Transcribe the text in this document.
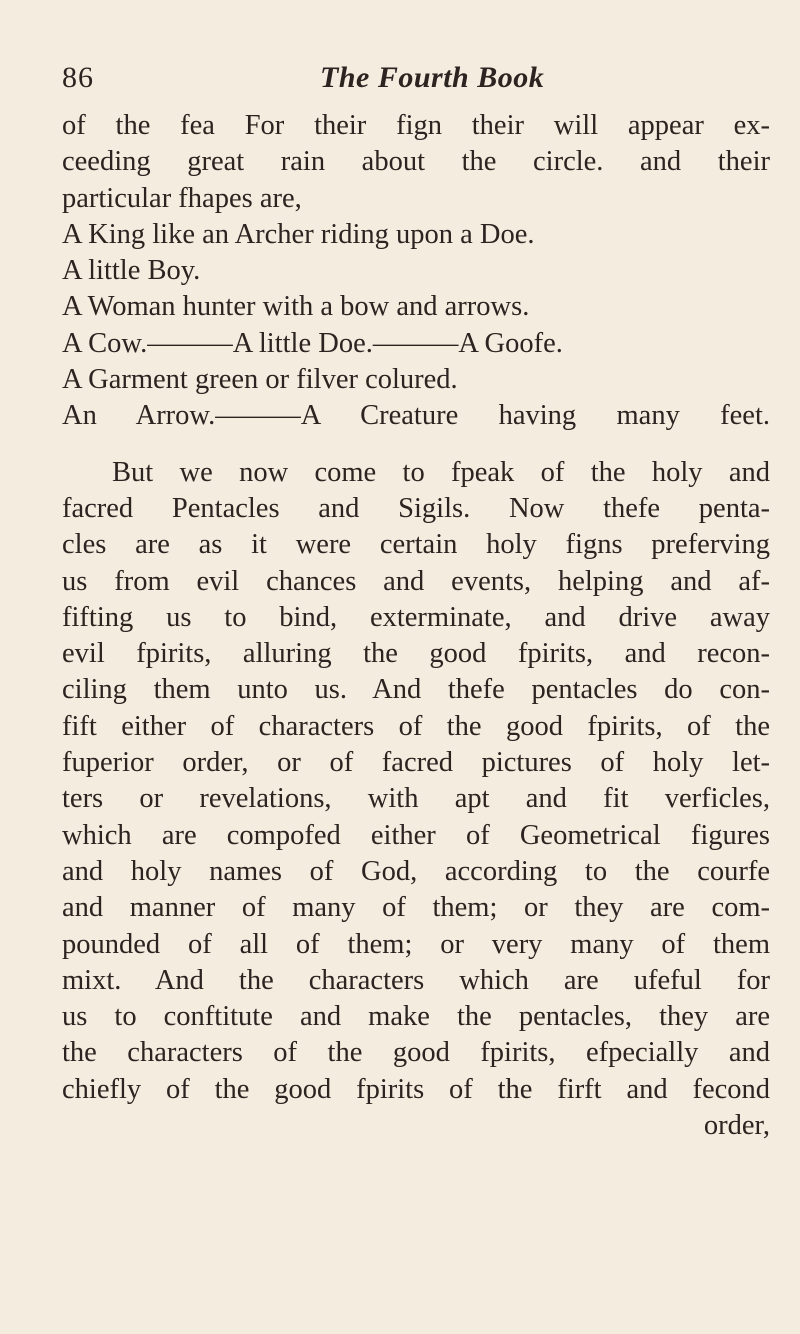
86	The Fourth Book
of the fea For their fign their will appear ex-
ceeding great rain about the circle. and their
particular fhapes are,
A King like an Archer riding upon a Doe.
A little Boy.
A Woman hunter with a bow and arrows.
A Cow.———A little Doe.———A Goofe.
A Garment green or filver colured.
An Arrow.———A Creature having many feet.
But we now come to fpeak of the holy and
facred Pentacles and Sigils. Now thefe penta-
cles are as it were certain holy figns preferving
us from evil chances and events, helping and af-
fifting us to bind, exterminate, and drive away
evil fpirits, alluring the good fpirits, and recon-
ciling them unto us. And thefe pentacles do con-
fift either of characters of the good fpirits, of the
fuperior order, or of facred pictures of holy let-
ters or revelations, with apt and fit verficles,
which are compofed either of Geometrical figures
and holy names of God, according to the courfe
and manner of many of them; or they are com-
pounded of all of them; or very many of them
mixt. And the characters which are ufeful for
us to conftitute and make the pentacles, they are
the characters of the good fpirits, efpecially and
chiefly of the good fpirits of the firft and fecond
order,
